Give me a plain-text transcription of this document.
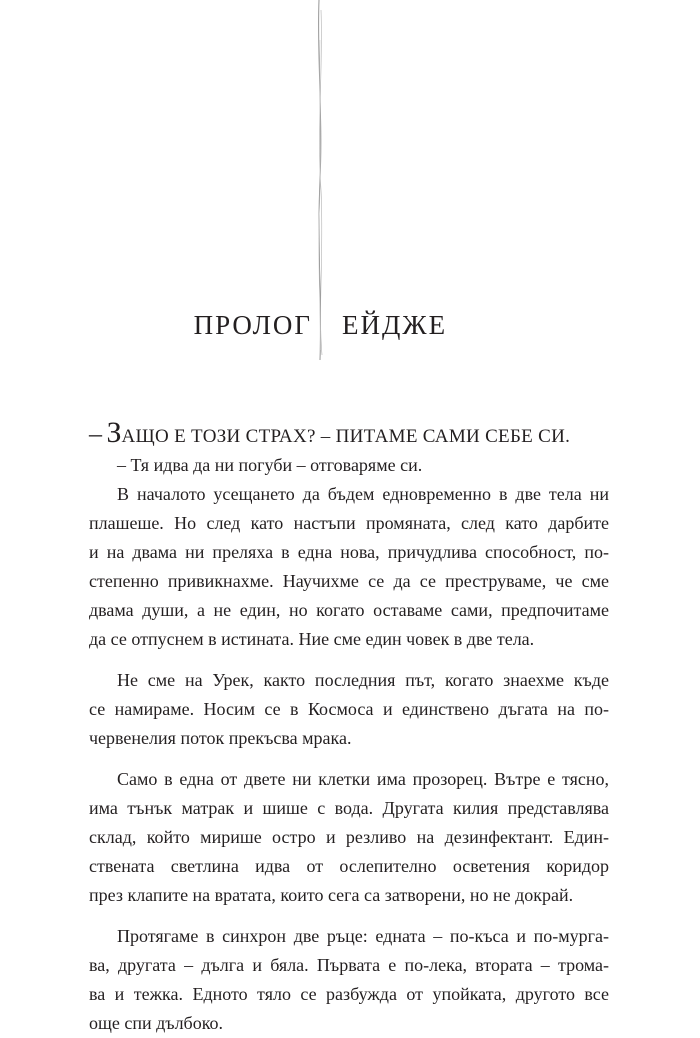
ПРОЛОГ ЕЙДЖЕ

– ЗАЩО Е ТОЗИ СТРАХ? – ПИТАМЕ САМИ СЕБЕ СИ.

– Тя идва да ни погуби – отговаряме си.

В началото усещането да бъдем едновременно в две тела ни

плашеше. Но след като настъпи промяната, след като дарбите

и на двама ни преляха в една нова, причудлива способност, по-

степенно привикнахме. Научихме се да се преструваме, че сме

двама души, а не един, но когато оставаме сами, предпочитаме

да се отпуснем в истината. Ние сме един човек в две тела.

Не сме на Урек, както последния път, когато знаехме къде

се намираме. Носим се в Космоса и единствено дъгата на по-

червенелия поток прекъсва мрака.

Само в една от двете ни клетки има прозорец. Вътре е тясно,

има тънък матрак и шише с вода. Другата килия представлява

склад, който мирише остро и резливо на дезинфектант. Един-

ствената светлина идва от ослепително осветения коридор

през клапите на вратата, които сега са затворени, но не докрай.

Протягаме в синхрон две ръце: едната – по-къса и по-мурга-

ва, другата – дълга и бяла. Първата е по-лека, втората – трома-

ва и тежка. Едното тяло се разбужда от упойката, другото все

още спи дълбоко.
